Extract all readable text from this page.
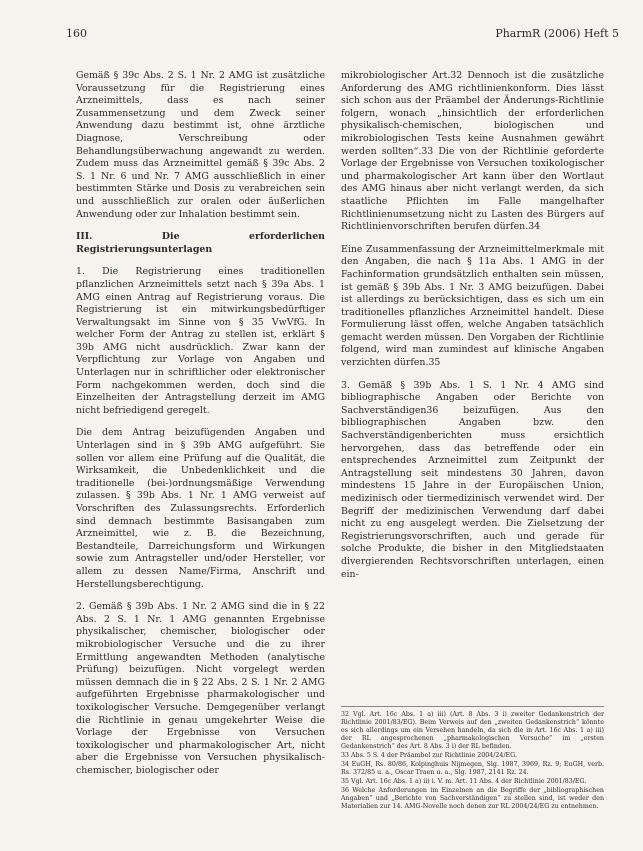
160	PharmR (2006) Heft 5

Gemäß § 39c Abs. 2 S. 1 Nr. 2 AMG ist zusätzliche Voraussetzung für die Registrierung eines Arzneimittels, dass es nach seiner Zusammensetzung und dem Zweck seiner Anwendung dazu bestimmt ist, ohne ärztliche Diagnose, Verschreibung oder Behandlungsüberwachung angewandt zu werden. Zudem muss das Arzneimittel gemäß § 39c Abs. 2 S. 1 Nr. 6 und Nr. 7 AMG ausschließlich in einer bestimmten Stärke und Dosis zu verabreichen sein und ausschließlich zur oralen oder äußerlichen Anwendung oder zur Inhalation bestimmt sein.

III. Die erforderlichen Registrierungsunterlagen

1. Die Registrierung eines traditionellen pflanzlichen Arzneimittels setzt nach § 39a Abs. 1 AMG einen Antrag auf Registrierung voraus. Die Registrierung ist ein mitwirkungsbedürftiger Verwaltungsakt im Sinne von § 35 VwVfG. In welcher Form der Antrag zu stellen ist, erklärt § 39b AMG nicht ausdrücklich. Zwar kann der Verpflichtung zur Vorlage von Angaben und Unterlagen nur in schriftlicher oder elektronischer Form nachgekommen werden, doch sind die Einzelheiten der Antragstellung derzeit im AMG nicht befriedigend geregelt.

Die dem Antrag beizufügenden Angaben und Unterlagen sind in § 39b AMG aufgeführt. Sie sollen vor allem eine Prüfung auf die Qualität, die Wirksamkeit, die Unbedenklichkeit und die traditionelle (bei-)ordnungsmäßige Verwendung zulassen. § 39b Abs. 1 Nr. 1 AMG verweist auf Vorschriften des Zulassungsrechts. Erforderlich sind demnach bestimmte Basisangaben zum Arzneimittel, wie z. B. die Bezeichnung, Bestandteile, Darreichungsform und Wirkungen sowie zum Antragsteller und/oder Hersteller, vor allem zu dessen Name/Firma, Anschrift und Herstellungsberechtigung.

2. Gemäß § 39b Abs. 1 Nr. 2 AMG sind die in § 22 Abs. 2 S. 1 Nr. 1 AMG genannten Ergebnisse physikalischer, chemischer, biologischer oder mikrobiologischer Versuche und die zu ihrer Ermittlung angewandten Methoden (analytische Prüfung) beizufügen. Nicht vorgelegt werden müssen demnach die in § 22 Abs. 2 S. 1 Nr. 2 AMG aufgeführten Ergebnisse pharmakologischer und toxikologischer Versuche. Demgegenüber verlangt die Richtlinie in genau umgekehrter Weise die Vorlage der Ergebnisse von Versuchen toxikologischer und pharmakologischer Art, nicht aber die Ergebnisse von Versuchen physikalisch-chemischer, biologischer oder

mikrobiologischer Art.32 Dennoch ist die zusätzliche Anforderung des AMG richtlinienkonform. Dies lässt sich schon aus der Präambel der Änderungs-Richtlinie folgern, wonach „hinsichtlich der erforderlichen physikalisch-chemischen, biologischen und mikrobiologischen Tests keine Ausnahmen gewährt werden sollten“.33 Die von der Richtlinie geforderte Vorlage der Ergebnisse von Versuchen toxikologischer und pharmakologischer Art kann über den Wortlaut des AMG hinaus aber nicht verlangt werden, da sich staatliche Pflichten im Falle mangelhafter Richtlinienumsetzung nicht zu Lasten des Bürgers auf Richtlinienvorschriften berufen dürfen.34

Eine Zusammenfassung der Arzneimittelmerkmale mit den Angaben, die nach § 11a Abs. 1 AMG in der Fachinformation grundsätzlich enthalten sein müssen, ist gemäß § 39b Abs. 1 Nr. 3 AMG beizufügen. Dabei ist allerdings zu berücksichtigen, dass es sich um ein traditionelles pflanzliches Arzneimittel handelt. Diese Formulierung lässt offen, welche Angaben tatsächlich gemacht werden müssen. Den Vorgaben der Richtlinie folgend, wird man zumindest auf klinische Angaben verzichten dürfen.35

3. Gemäß § 39b Abs. 1 S. 1 Nr. 4 AMG sind bibliographische Angaben oder Berichte von Sachverständigen36 beizufügen. Aus den bibliographischen Angaben bzw. den Sachverständigenberichten muss ersichtlich hervorgehen, dass das betreffende oder ein entsprechendes Arzneimittel zum Zeitpunkt der Antragstellung seit mindestens 30 Jahren, davon mindestens 15 Jahre in der Europäischen Union, medizinisch oder tiermedizinisch verwendet wird. Der Begriff der medizinischen Verwendung darf dabei nicht zu eng ausgelegt werden. Die Zielsetzung der Registrierungsvorschriften, auch und gerade für solche Produkte, die bisher in den Mitgliedstaaten divergierenden Rechtsvorschriften unterlagen, einen ein-

32 Vgl. Art. 16c Abs. 1 a) iii) (Art. 8 Abs. 3 i) zweiter Gedankenstrich der Richtlinie 2001/83/EG). Beim Verweis auf den „zweiten Gedankenstrich“ könnte es sich allerdings um ein Versehen handeln, da sich die in Art. 16c Abs. 1 a) iii) der RL angesprochenen „pharmakologischen Versuche“ im „ersten Gedankenstrich“ des Art. 8 Abs. 3 i) der RL befinden.
33 Abs. 5 S. 4 der Präambel zur Richtlinie 2004/24/EG.
34 EuGH, Rs. 80/86, Kolpinghuis Nijmegen, Slg. 1987, 3969, Rz. 9; EuGH, verb. Rs. 372/85 u. a., Oscar Traen u. a., Slg. 1987, 2141 Rz. 24.
35 Vgl. Art. 16c Abs. 1 a) ii) i. V. m. Art. 11 Abs. 4 der Richtlinie 2001/83/EG.
36 Welche Anforderungen im Einzelnen an die Begriffe der „bibliographischen Angaben“ und „Berichte von Sachverständigen“ zu stellen sind, ist weder den Materialien zur 14. AMG-Novelle noch denen zur RL 2004/24/EG zu entnehmen.
